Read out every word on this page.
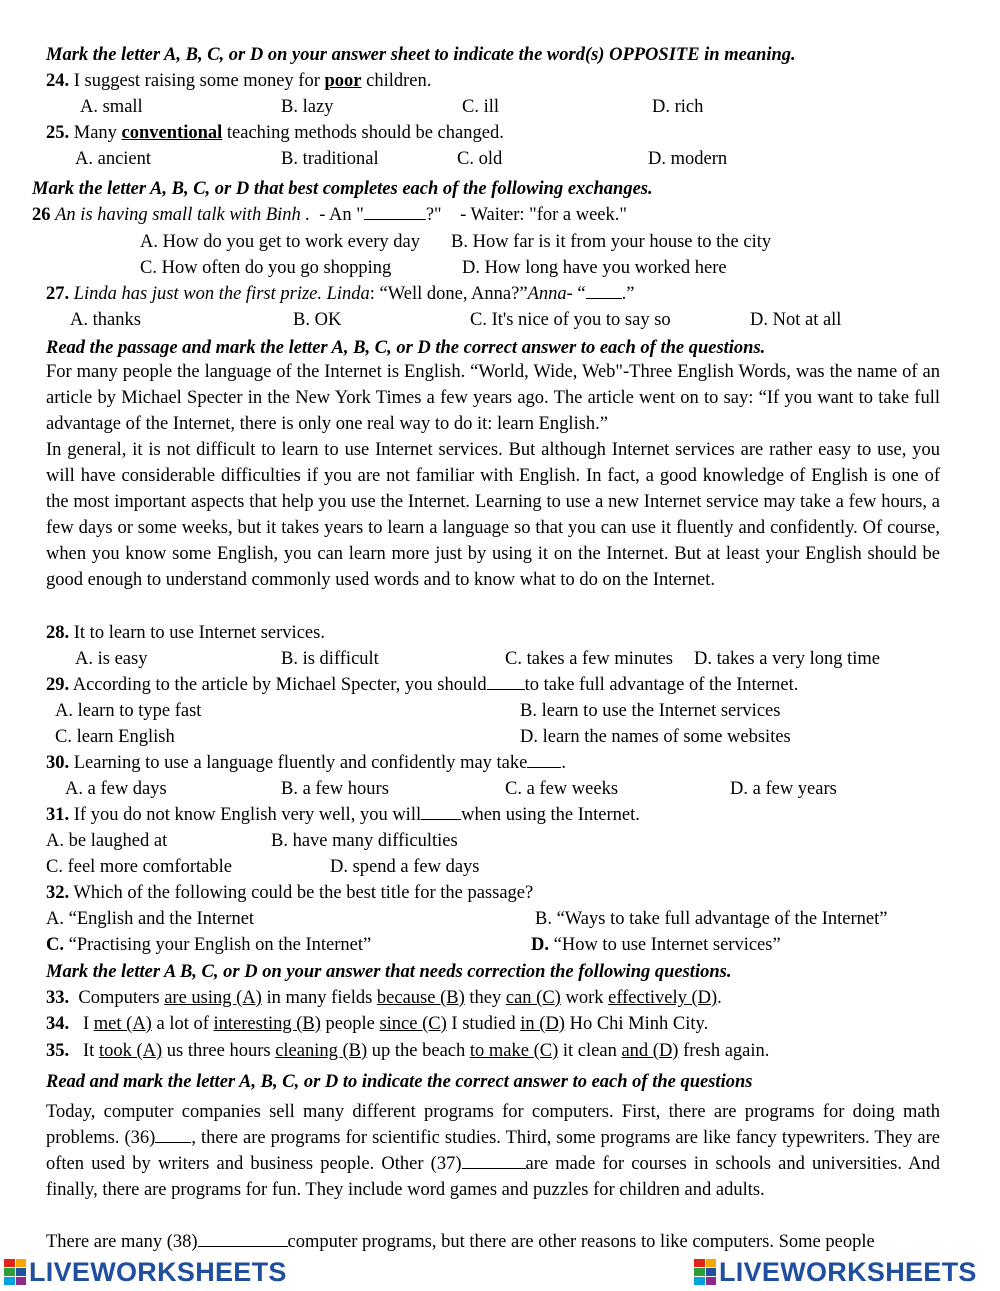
Mark the letter A, B, C, or D on your answer sheet to indicate the word(s) OPPOSITE in meaning.
24. I suggest raising some money for poor children.
A. small	B. lazy	C. ill	D. rich
25. Many conventional teaching methods should be changed.
A. ancient	B. traditional	C. old	D. modern
Mark the letter A, B, C, or D that best completes each of the following exchanges.
26 An is having small talk with Binh . - An "	?" - Waiter: "for a week."
A. How do you get to work every day B. How far is it from your house to the city
C. How often do you go shopping	D. How long have you worked here
27. Linda has just won the first prize. Linda: “Well done, Anna?”Anna- “ .”
A. thanks	B. OK	C. It's nice of you to say so	D. Not at all
Read the passage and mark the letter A, B, C, or D the correct answer to each of the questions.
For many people the language of the Internet is English. “World, Wide, Web"-Three English Words, was the name of an article by Michael Specter in the New York Times a few years ago. The article went on to say: “If you want to take full advantage of the Internet, there is only one real way to do it: learn English.”
In general, it is not difficult to learn to use Internet services. But although Internet services are rather easy to use, you will have considerable difficulties if you are not familiar with English. In fact, a good knowledge of English is one of the most important aspects that help you use the Internet. Learning to use a new Internet service may take a few hours, a few days or some weeks, but it takes years to learn a language so that you can use it fluently and confidently. Of course, when you know some English, you can learn more just by using it on the Internet. But at least your English should be good enough to understand commonly used words and to know what to do on the Internet.
28. It to learn to use Internet services.
A. is easy	B. is difficult	C. takes a few minutes D. takes a very long time
29. According to the article by Michael Specter, you should to take full advantage of the Internet.
A. learn to type fast	B. learn to use the Internet services
C. learn English	D. learn the names of some websites
30. Learning to use a language fluently and confidently may take .
A. a few days	B. a few hours	C. a few weeks	D. a few years
31. If you do not know English very well, you will when using the Internet.
A. be laughed at	B. have many difficulties
C. feel more comfortable	D. spend a few days
32. Which of the following could be the best title for the passage?
A. “English and the Internet	B. “Ways to take full advantage of the Internet”
C. “Practising your English on the Internet”	D. “How to use Internet services”
Mark the letter A B, C, or D on your answer that needs correction the following questions.
33. Computers are using (A) in many fields because (B) they can (C) work effectively (D).
34. I met (A) a lot of interesting (B) people since (C) I studied in (D) Ho Chi Minh City.
35. It took (A) us three hours cleaning (B) up the beach to make (C) it clean and (D) fresh again.
Read and mark the letter A, B, C, or D to indicate the correct answer to each of the questions
Today, computer companies sell many different programs for computers. First, there are programs for doing math problems. (36) , there are programs for scientific studies. Third, some programs are like fancy typewriters. They are often used by writers and business people. Other (37)	are made for courses in schools and universities. And finally, there are programs for fun. They include word games and puzzles for children and adults.
There are many (38)	computer programs, but there are other reasons to like computers. Some people
LIVEWORKSHEETS	LIVEWORKSHEETS
